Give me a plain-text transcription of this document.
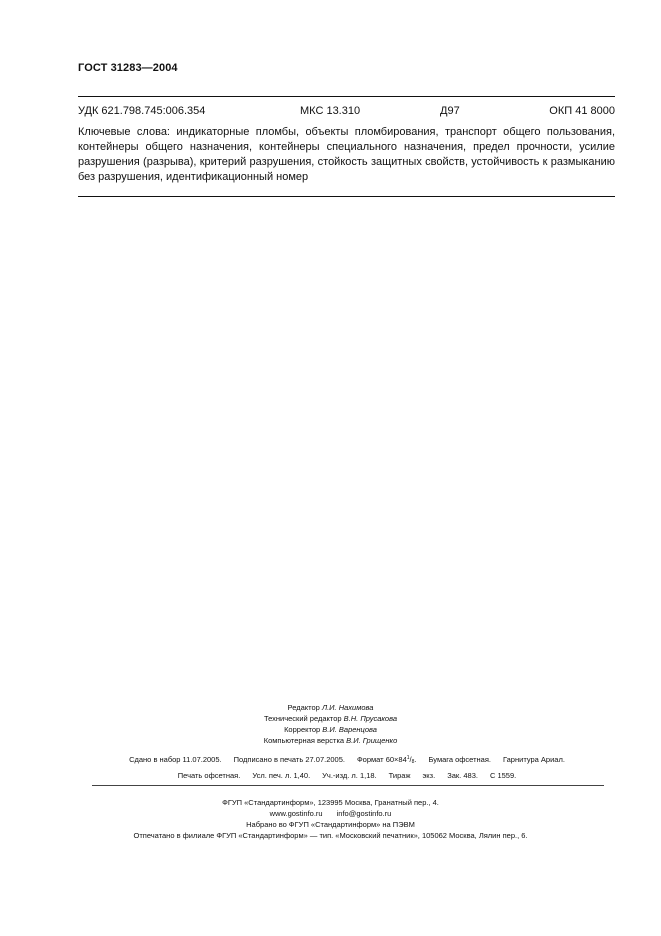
ГОСТ 31283—2004
УДК 621.798.745:006.354	МКС 13.310	Д97	ОКП 41 8000
Ключевые слова: индикаторные пломбы, объекты пломбирования, транспорт общего пользования, контейнеры общего назначения, контейнеры специального назначения, предел прочности, усилие разрушения (разрыва), критерий разрушения, стойкость защитных свойств, устойчивость к размыканию без разрушения, идентификационный номер
Редактор Л.И. Нахимова
Технический редактор В.Н. Прусакова
Корректор В.И. Варенцова
Компьютерная верстка В.И. Грищенко
Сдано в набор 11.07.2005. Подписано в печать 27.07.2005. Формат $60\times 84^1/_8$. Бумага офсетная. Гарнитура Ариал.
Печать офсетная. Усл. печ. л. 1,40. Уч.-изд. л. 1,18. Тираж экз. Зак. 483. С 1559.
ФГУП «Стандартинформ», 123995 Москва, Гранатный пер., 4.
www.gostinfo.ru info@gostinfo.ru
Набрано во ФГУП «Стандартинформ» на ПЭВМ
Отпечатано в филиале ФГУП «Стандартинформ» — тип. «Московский печатник», 105062 Москва, Лялин пер., 6.
